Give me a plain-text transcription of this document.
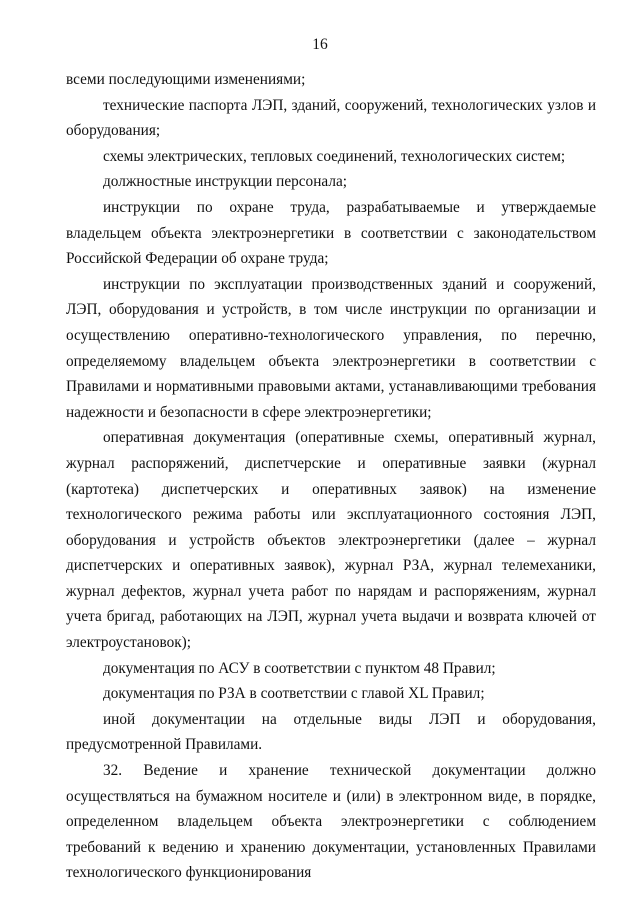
16

всеми последующими изменениями;

технические паспорта ЛЭП, зданий, сооружений, технологических узлов и оборудования;

схемы электрических, тепловых соединений, технологических систем;

должностные инструкции персонала;

инструкции по охране труда, разрабатываемые и утверждаемые владельцем объекта электроэнергетики в соответствии с законодательством Российской Федерации об охране труда;

инструкции по эксплуатации производственных зданий и сооружений, ЛЭП, оборудования и устройств, в том числе инструкции по организации и осуществлению оперативно-технологического управления, по перечню, определяемому владельцем объекта электроэнергетики в соответствии с Правилами и нормативными правовыми актами, устанавливающими требования надежности и безопасности в сфере электроэнергетики;

оперативная документация (оперативные схемы, оперативный журнал, журнал распоряжений, диспетчерские и оперативные заявки (журнал (картотека) диспетчерских и оперативных заявок) на изменение технологического режима работы или эксплуатационного состояния ЛЭП, оборудования и устройств объектов электроэнергетики (далее – журнал диспетчерских и оперативных заявок), журнал РЗА, журнал телемеханики, журнал дефектов, журнал учета работ по нарядам и распоряжениям, журнал учета бригад, работающих на ЛЭП, журнал учета выдачи и возврата ключей от электроустановок);

документация по АСУ в соответствии с пунктом 48 Правил;

документация по РЗА в соответствии с главой XL Правил;

иной документации на отдельные виды ЛЭП и оборудования, предусмотренной Правилами.

32. Ведение и хранение технической документации должно осуществляться на бумажном носителе и (или) в электронном виде, в порядке, определенном владельцем объекта электроэнергетики с соблюдением требований к ведению и хранению документации, установленных Правилами технологического функционирования
